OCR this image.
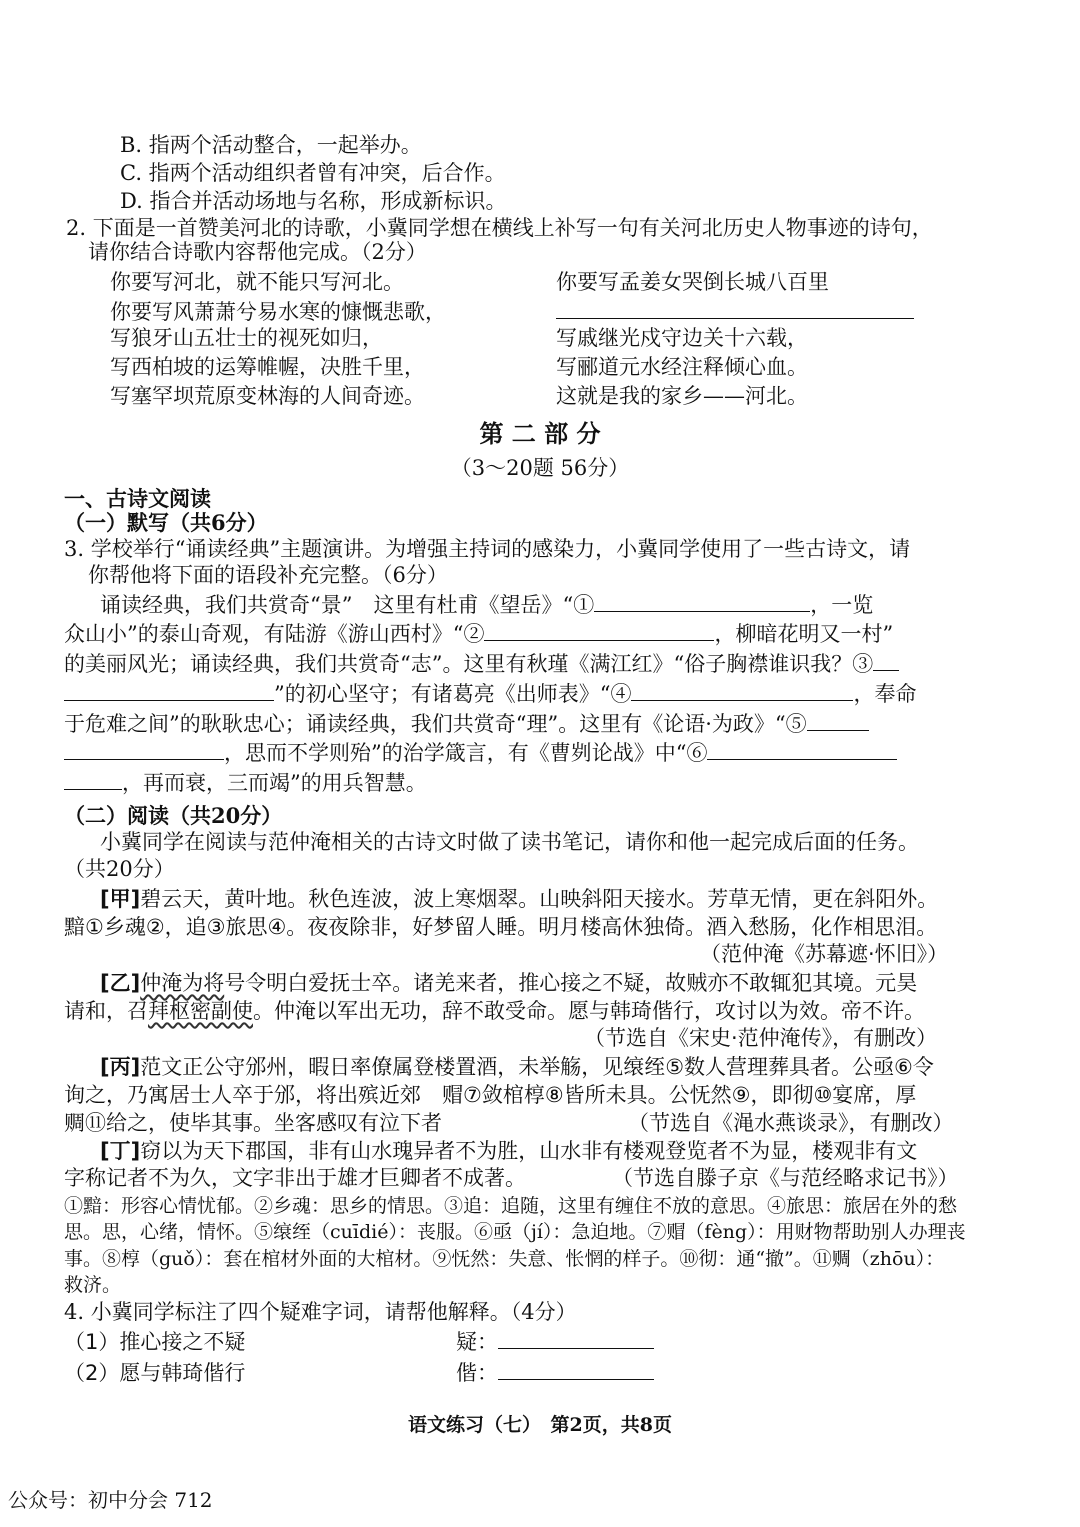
B. 指两个活动整合，一起举办。
C. 指两个活动组织者曾有冲突，后合作。
D. 指合并活动场地与名称，形成新标识。
2. 下面是一首赞美河北的诗歌，小冀同学想在横线上补写一句有关河北历史人物事迹的诗句，
请你结合诗歌内容帮他完成。（2分）
你要写河北，就不能只写河北。
你要写风萧萧兮易水寒的慷慨悲歌，
写狼牙山五壮士的视死如归，
写西柏坡的运筹帷幄，决胜千里，
写塞罕坝荒原变林海的人间奇迹。
你要写孟姜女哭倒长城八百里
写戚继光戍守边关十六载，
写郦道元水经注释倾心血。
这就是我的家乡——河北。
第 二 部 分
（3～20题 56分）
一、古诗文阅读
（一）默写（共6分）
3. 学校举行“诵读经典”主题演讲。为增强主持词的感染力，小冀同学使用了一些古诗文，请
你帮他将下面的语段补充完整。（6分）
诵读经典，我们共赏奇“景”　这里有杜甫《望岳》“①	，一览
众山小”的泰山奇观，有陆游《游山西村》“②	，柳暗花明又一村”
的美丽风光；诵读经典，我们共赏奇“志”。这里有秋瑾《满江红》“俗子胸襟谁识我？③
”的初心坚守；有诸葛亮《出师表》“④	，奉命
于危难之间”的耿耿忠心；诵读经典，我们共赏奇“理”。这里有《论语·为政》“⑤
，思而不学则殆”的治学箴言，有《曹刿论战》中“⑥
，再而衰，三而竭”的用兵智慧。
（二）阅读（共20分）
小冀同学在阅读与范仲淹相关的古诗文时做了读书笔记，请你和他一起完成后面的任务。
（共20分）
[甲]碧云天，黄叶地。秋色连波，波上寒烟翠。山映斜阳天接水。芳草无情，更在斜阳外。
黯①乡魂②，追③旅思④。夜夜除非，好梦留人睡。明月楼高休独倚。酒入愁肠，化作相思泪。
（范仲淹《苏幕遮·怀旧》）
[乙]仲淹为将号令明白爱抚士卒。诸羌来者，推心接之不疑，故贼亦不敢辄犯其境。元昊
请和，召拜枢密副使。仲淹以军出无功，辞不敢受命。愿与韩琦偕行，攻讨以为效。帝不许。
（节选自《宋史·范仲淹传》，有删改）
[丙]范文正公守邠州，暇日率僚属登楼置酒，未举觞，见缞绖⑤数人营理葬具者。公亟⑥令
询之，乃寓居士人卒于邠，将出殡近郊　赗⑦敛棺椁⑧皆所未具。公怃然⑨，即彻⑩宴席，厚
赒⑪给之，使毕其事。坐客感叹有泣下者	（节选自《渑水燕谈录》，有删改）
[丁]窃以为天下郡国，非有山水瑰异者不为胜，山水非有楼观登览者不为显，楼观非有文
字称记者不为久，文字非出于雄才巨卿者不成著。	（节选自滕子京《与范经略求记书》）
①黯：形容心情忧郁。②乡魂：思乡的情思。③追：追随，这里有缠住不放的意思。④旅思：旅居在外的愁
思。思，心绪，情怀。⑤缞绖（cuīdié）：丧服。⑥亟（jí）：急迫地。⑦赗（fèng）：用财物帮助别人办理丧
事。⑧椁（guǒ）：套在棺材外面的大棺材。⑨怃然：失意、怅惘的样子。⑩彻：通“撤”。⑪赒（zhōu）：
救济。
4. 小冀同学标注了四个疑难字词，请帮他解释。（4分）
（1）推心接之不疑	疑：
（2）愿与韩琦偕行	偕：
语文练习（七）　第2页，共8页
公众号：初中分会 712
